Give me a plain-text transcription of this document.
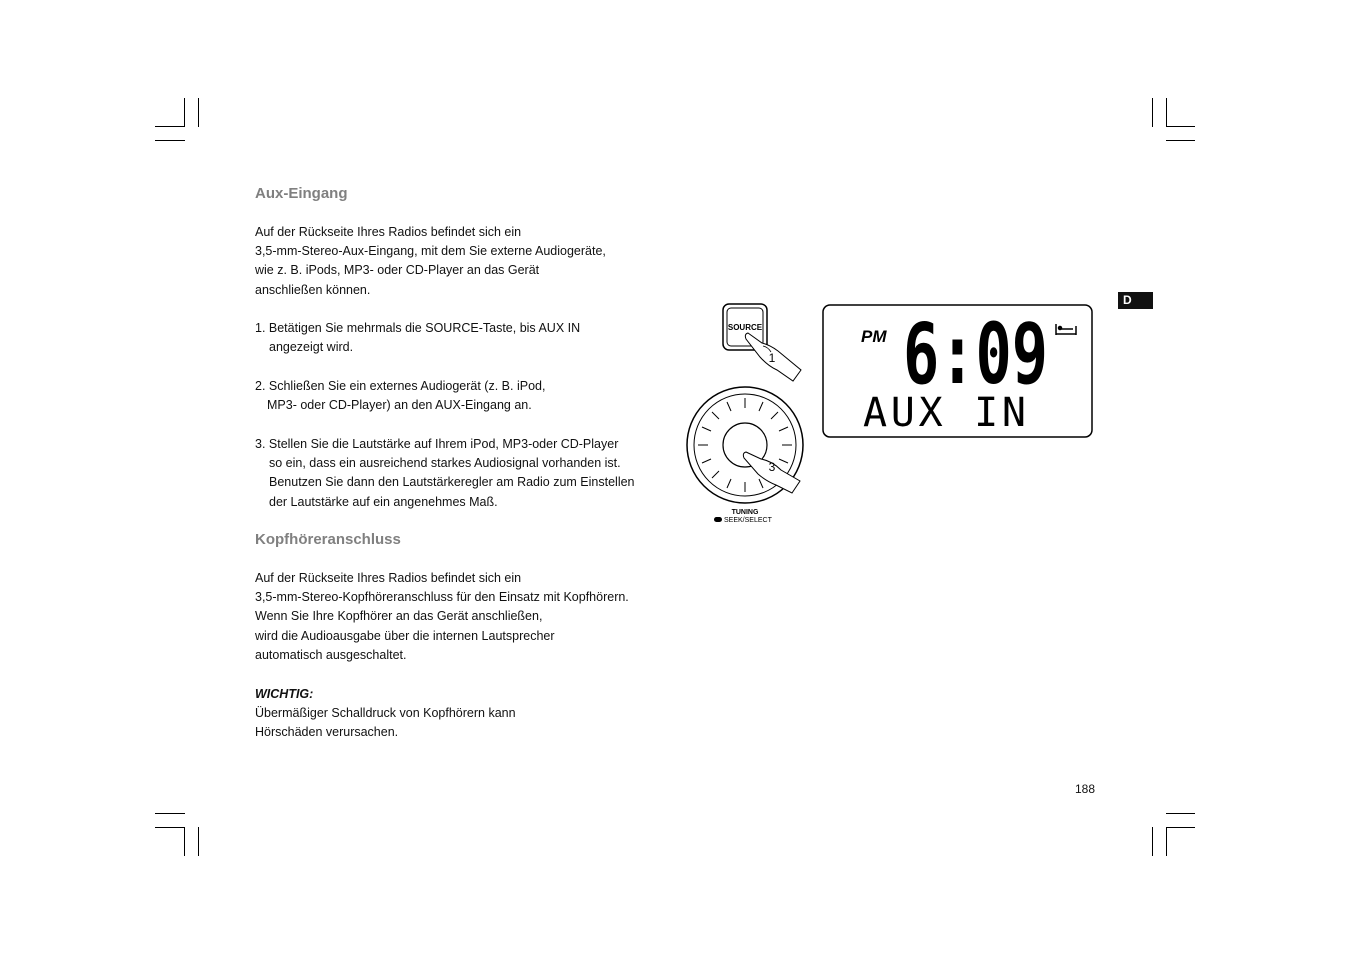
Aux-Eingang
Auf der Rückseite Ihres Radios befindet sich ein
3,5-mm-Stereo-Aux-Eingang, mit dem Sie externe Audiogeräte,
wie z. B. iPods, MP3- oder CD-Player an das Gerät
anschließen können.
1. Betätigen Sie mehrmals die SOURCE-Taste, bis AUX IN
angezeigt wird.
2. Schließen Sie ein externes Audiogerät (z. B. iPod,
MP3- oder CD-Player) an den AUX-Eingang an.
3. Stellen Sie die Lautstärke auf Ihrem iPod, MP3-oder CD-Player
so ein, dass ein ausreichend starkes Audiosignal vorhanden ist.
Benutzen Sie dann den Lautstärkeregler am Radio zum Einstellen
der Lautstärke auf ein angenehmes Maß.
Kopfhöreranschluss
Auf der Rückseite Ihres Radios befindet sich ein
3,5-mm-Stereo-Kopfhöreranschluss für den Einsatz mit Kopfhörern.
Wenn Sie Ihre Kopfhörer an das Gerät anschließen,
wird die Audioausgabe über die internen Lautsprecher
automatisch ausgeschaltet.

WICHTIG:

Übermäßiger Schalldruck von Kopfhörern kann
Hörschäden verursachen.
SOURCE
1
3
TUNING
SEEK/SELECT
PM 6:09
AUX IN
D
188
